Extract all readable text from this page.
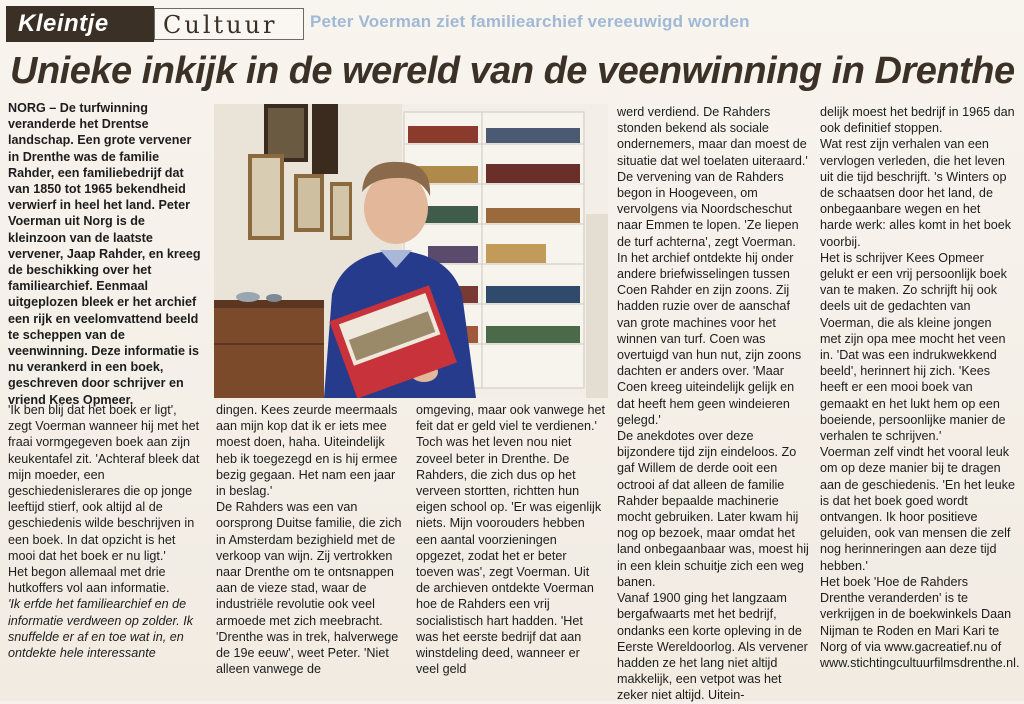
Kleintje	Cultuur	Peter Voerman ziet familiearchief vereeuwigd worden
Unieke inkijk in de wereld van de veenwinning in Drenthe

NORG – De turfwinning veranderde het Drentse landschap. Een grote vervener in Drenthe was de familie Rahder, een familiebedrijf dat van 1850 tot 1965 bekendheid verwierf in heel het land. Peter Voerman uit Norg is de kleinzoon van de laatste vervener, Jaap Rahder, en kreeg de beschikking over het familiearchief. Eenmaal uitgeplozen bleek er het archief een rijk en veelomvattend beeld te scheppen van de veenwinning. Deze informatie is nu verankerd in een boek, geschreven door schrijver en vriend Kees Opmeer.

'Ik ben blij dat het boek er ligt', zegt Voerman wanneer hij met het fraai vormgegeven boek aan zijn keukentafel zit. 'Achteraf bleek dat mijn moeder, een geschiedenislerares die op jonge leeftijd stierf, ook altijd al de geschiedenis wilde beschrijven in een boek. In dat opzicht is het mooi dat het boek er nu ligt.'

Het begon allemaal met drie hutkoffers vol aan informatie.

'Ik erfde het familiearchief en de informatie verdween op zolder. Ik snuffelde er af en toe wat in, en ontdekte hele interessante

dingen. Kees zeurde meermaals aan mijn kop dat ik er iets mee moest doen, haha. Uiteindelijk heb ik toegezegd en is hij ermee bezig gegaan. Het nam een jaar in beslag.'

De Rahders was een van oorsprong Duitse familie, die zich in Amsterdam bezighield met de verkoop van wijn. Zij vertrokken naar Drenthe om te ontsnappen aan de vieze stad, waar de industriële revolutie ook veel armoede met zich meebracht. 'Drenthe was in trek, halverwege de 19e eeuw', weet Peter. 'Niet alleen vanwege de

omgeving, maar ook vanwege het feit dat er geld viel te verdienen.'

Toch was het leven nou niet zoveel beter in Drenthe. De Rahders, die zich dus op het verveen stortten, richtten hun eigen school op. 'Er was eigenlijk niets. Mijn voorouders hebben een aantal voorzieningen opgezet, zodat het er beter toeven was', zegt Voerman. Uit de archieven ontdekte Voerman hoe de Rahders een vrij socialistisch hart hadden. 'Het was het eerste bedrijf dat aan winstdeling deed, wanneer er veel geld

werd verdiend. De Rahders stonden bekend als sociale ondernemers, maar dan moest de situatie dat wel toelaten uiteraard.'

De vervening van de Rahders begon in Hoogeveen, om vervolgens via Noordscheschut naar Emmen te lopen. 'Ze liepen de turf achterna', zegt Voerman. In het archief ontdekte hij onder andere briefwisselingen tussen Coen Rahder en zijn zoons. Zij hadden ruzie over de aanschaf van grote machines voor het winnen van turf. Coen was overtuigd van hun nut, zijn zoons dachten er anders over. 'Maar Coen kreeg uiteindelijk gelijk en dat heeft hem geen windeieren gelegd.'

De anekdotes over deze bijzondere tijd zijn eindeloos. Zo gaf Willem de derde ooit een octrooi af dat alleen de familie Rahder bepaalde machinerie mocht gebruiken. Later kwam hij nog op bezoek, maar omdat het land onbegaanbaar was, moest hij in een klein schuitje zich een weg banen.

Vanaf 1900 ging het langzaam bergafwaarts met het bedrijf, ondanks een korte opleving in de Eerste Wereldoorlog. Als vervener hadden ze het lang niet altijd makkelijk, een vetpot was het zeker niet altijd. Uitein-

delijk moest het bedrijf in 1965 dan ook definitief stoppen.

Wat rest zijn verhalen van een vervlogen verleden, die het leven uit die tijd beschrijft. 's Winters op de schaatsen door het land, de onbegaanbare wegen en het harde werk: alles komt in het boek voorbij.

Het is schrijver Kees Opmeer gelukt er een vrij persoonlijk boek van te maken. Zo schrijft hij ook deels uit de gedachten van Voerman, die als kleine jongen met zijn opa mee mocht het veen in. 'Dat was een indrukwekkend beeld', herinnert hij zich. 'Kees heeft er een mooi boek van gemaakt en het lukt hem op een boeiende, persoonlijke manier de verhalen te schrijven.'

Voerman zelf vindt het vooral leuk om op deze manier bij te dragen aan de geschiedenis. 'En het leuke is dat het boek goed wordt ontvangen. Ik hoor positieve geluiden, ook van mensen die zelf nog herinneringen aan deze tijd hebben.'

Het boek 'Hoe de Rahders Drenthe veranderden' is te verkrijgen in de boekwinkels Daan Nijman te Roden en Mari Kari te Norg of via www.gacreatief.nu of www.stichtingcultuurfilmsdrenthe.nl.
